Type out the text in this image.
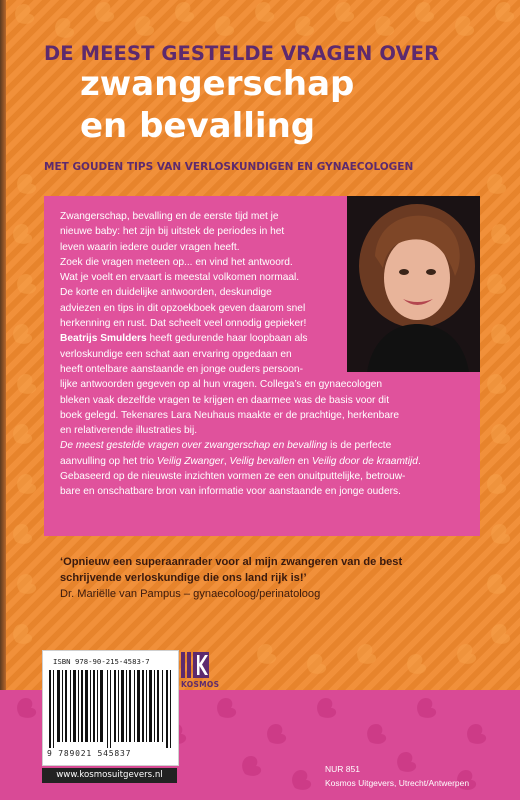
DE MEEST GESTELDE VRAGEN OVER
zwangerschap
en bevalling
MET GOUDEN TIPS VAN VERLOSKUNDIGEN EN GYNAECOLOGEN
Zwangerschap, bevalling en de eerste tijd met je
nieuwe baby: het zijn bij uitstek de periodes in het
leven waarin iedere ouder vragen heeft.
Zoek die vragen meteen op... en vind het antwoord.
Wat je voelt en ervaart is meestal volkomen normaal.
De korte en duidelijke antwoorden, deskundige
adviezen en tips in dit opzoekboek geven daarom snel
herkenning en rust. Dat scheelt veel onnodig gepieker!
Beatrijs Smulders heeft gedurende haar loopbaan als
verloskundige een schat aan ervaring opgedaan en
heeft ontelbare aanstaande en jonge ouders persoon-
lijke antwoorden gegeven op al hun vragen. Collega’s en gynaecologen
bleken vaak dezelfde vragen te krijgen en daarmee was de basis voor dit
boek gelegd. Tekenares Lara Neuhaus maakte er de prachtige, herkenbare
en relativerende illustraties bij.
De meest gestelde vragen over zwangerschap en bevalling is de perfecte
aanvulling op het trio Veilig Zwanger, Veilig bevallen en Veilig door de kraamtijd.
Gebaseerd op de nieuwste inzichten vormen ze een onuitputtelijke, betrouw-
bare en onschatbare bron van informatie voor aanstaande en jonge ouders.
‘Opnieuw een superaanrader voor al mijn zwangeren van de best
schrijvende verloskundige die ons land rijk is!’
Dr. Mariëlle van Pampus – gynaecoloog/perinatoloog
ISBN 978-90-215-4583-7
9 789021 545837
www.kosmosuitgevers.nl
KOSMOS
NUR 851
Kosmos Uitgevers, Utrecht/Antwerpen
